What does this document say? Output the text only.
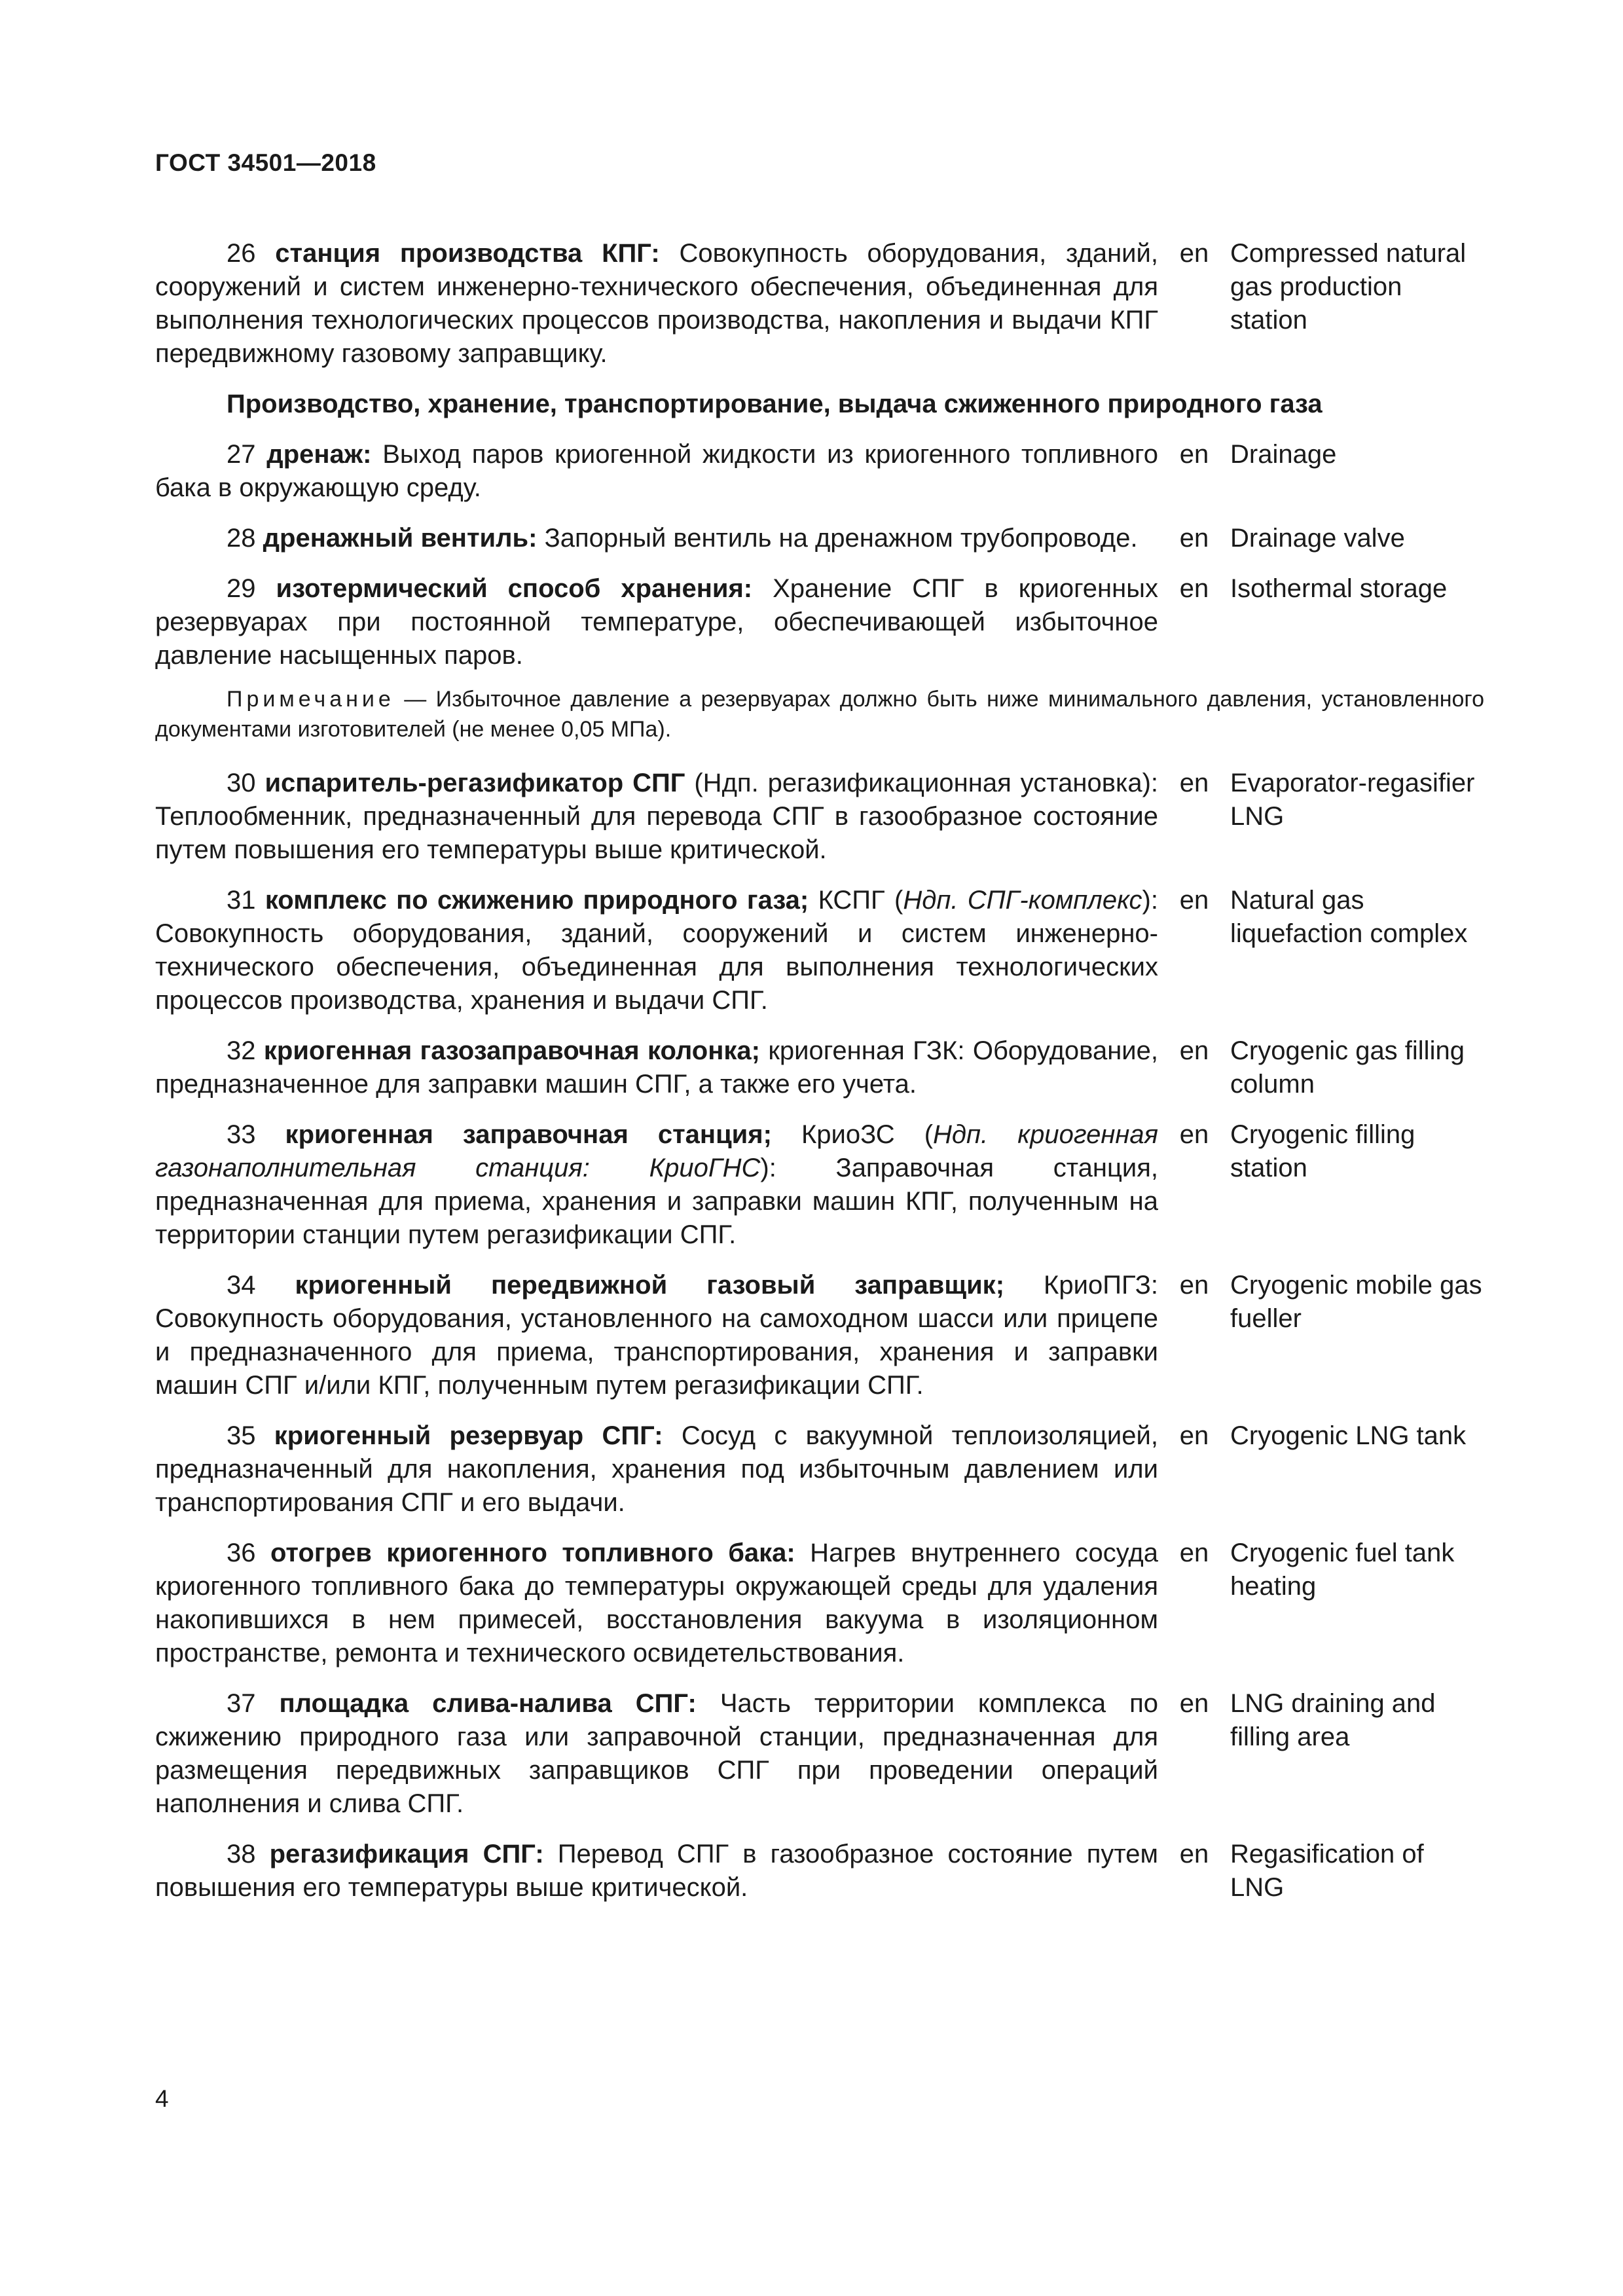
ГОСТ 34501—2018
26 станция производства КПГ: Совокупность оборудования, зданий, сооружений и систем инженерно-технического обеспечения, объединенная для выполнения технологических процессов производства, накопления и выдачи КПГ передвижному газовому заправщику.
en Compressed natural gas production station
Производство, хранение, транспортирование, выдача сжиженного природного газа
27 дренаж: Выход паров криогенной жидкости из криогенного топливного бака в окружающую среду.
en Drainage
28 дренажный вентиль: Запорный вентиль на дренажном трубопроводе.	en Drainage valve
29 изотермический способ хранения: Хранение СПГ в криогенных резервуарах при постоянной температуре, обеспечивающей избыточное давление насыщенных паров.
en Isothermal storage
Примечание — Избыточное давление а резервуарах должно быть ниже минимального давления, установленного документами изготовителей (не менее 0,05 МПа).
30 испаритель-регазификатор СПГ (Ндп. регазификационная установка): Теплообменник, предназначенный для перевода СПГ в газообразное состояние путем повышения его температуры выше критической.
en Evaporator-regasifier LNG
31 комплекс по сжижению природного газа; КСПГ (Ндп. СПГ-комплекс): Совокупность оборудования, зданий, сооружений и систем инженерно-технического обеспечения, объединенная для выполнения технологических процессов производства, хранения и выдачи СПГ.
en Natural gas liquefaction complex
32 криогенная газозаправочная колонка; криогенная ГЗК: Оборудование, предназначенное для заправки машин СПГ, а также его учета.
en Cryogenic gas filling column
33 криогенная заправочная станция; КриоЗС (Ндп. криогенная газонаполнительная станция: КриоГНС): Заправочная станция, предназначенная для приема, хранения и заправки машин КПГ, полученным на территории станции путем регазификации СПГ.
en Cryogenic filling station
34 криогенный передвижной газовый заправщик; КриоПГЗ: Совокупность оборудования, установленного на самоходном шасси или прицепе и предназначенного для приема, транспортирования, хранения и заправки машин СПГ и/или КПГ, полученным путем регазификации СПГ.
en Cryogenic mobile gas fueller
35 криогенный резервуар СПГ: Сосуд с вакуумной теплоизоляцией, предназначенный для накопления, хранения под избыточным давлением или транспортирования СПГ и его выдачи.
en Cryogenic LNG tank
36 отогрев криогенного топливного бака: Нагрев внутреннего сосуда криогенного топливного бака до температуры окружающей среды для удаления накопившихся в нем примесей, восстановления вакуума в изоляционном пространстве, ремонта и технического освидетельствования.
en Cryogenic fuel tank heating
37 площадка слива-налива СПГ: Часть территории комплекса по сжижению природного газа или заправочной станции, предназначенная для размещения передвижных заправщиков СПГ при проведении операций наполнения и слива СПГ.
en LNG draining and filling area
38 регазификация СПГ: Перевод СПГ в газообразное состояние путем повышения его температуры выше критической.
en Regasification of LNG
4
